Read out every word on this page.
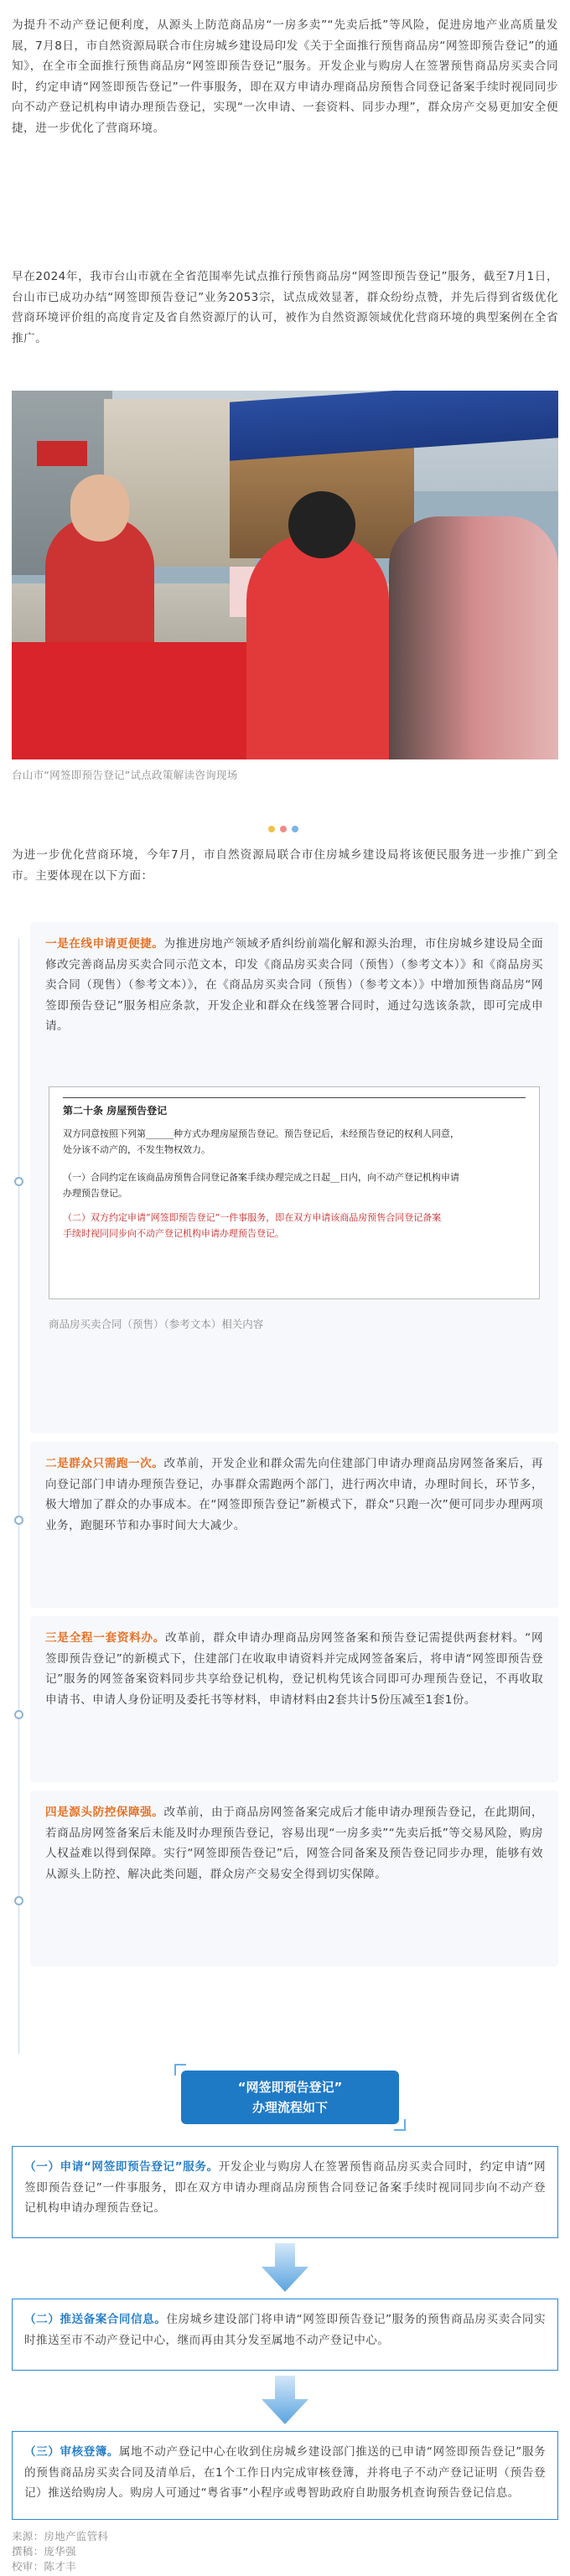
为提升不动产登记便利度，从源头上防范商品房“一房多卖”“先卖后抵”等风险，促进房地产业高质量发展，7月8日，市自然资源局联合市住房城乡建设局印发《关于全面推行预售商品房“网签即预告登记”的通知》，在全市全面推行预售商品房“网签即预告登记”服务。开发企业与购房人在签署预售商品房买卖合同时，约定申请“网签即预告登记”一件事服务，即在双方申请办理商品房预售合同登记备案手续时视同同步向不动产登记机构申请办理预告登记，实现“一次申请、一套资料、同步办理”，群众房产交易更加安全便捷，进一步优化了营商环境。

早在2024年，我市台山市就在全省范围率先试点推行预售商品房“网签即预告登记”服务，截至7月1日，台山市已成功办结“网签即预告登记”业务2053宗，试点成效显著，群众纷纷点赞，并先后得到省级优化营商环境评价组的高度肯定及省自然资源厅的认可，被作为自然资源领域优化营商环境的典型案例在全省推广。

台山市“网签即预告登记”试点政策解读咨询现场

为进一步优化营商环境，今年7月，市自然资源局联合市住房城乡建设局将该便民服务进一步推广到全市。主要体现在以下方面：

一是在线申请更便捷。为推进房地产领域矛盾纠纷前端化解和源头治理，市住房城乡建设局全面修改完善商品房买卖合同示范文本，印发《商品房买卖合同（预售）（参考文本）》和《商品房买卖合同（现售）（参考文本）》，在《商品房买卖合同（预售）（参考文本）》中增加预售商品房“网签即预告登记”服务相应条款，开发企业和群众在线签署合同时，通过勾选该条款，即可完成申请。

第二十条 房屋预告登记
双方同意按照下列第______种方式办理房屋预告登记。预告登记后，未经预告登记的权利人同意，
处分该不动产的，不发生物权效力。
（一）合同约定在该商品房预售合同登记备案手续办理完成之日起__日内，向不动产登记机构申请
办理预告登记。
（二）双方约定申请“网签即预告登记”一件事服务，即在双方申请该商品房预售合同登记备案
手续时视同同步向不动产登记机构申请办理预告登记。
商品房买卖合同（预售）（参考文本）相关内容

二是群众只需跑一次。改革前，开发企业和群众需先向住建部门申请办理商品房网签备案后，再向登记部门申请办理预告登记，办事群众需跑两个部门，进行两次申请，办理时间长，环节多，极大增加了群众的办事成本。在“网签即预告登记”新模式下，群众“只跑一次”便可同步办理两项业务，跑腿环节和办事时间大大减少。

三是全程一套资料办。改革前，群众申请办理商品房网签备案和预告登记需提供两套材料。“网签即预告登记”的新模式下，住建部门在收取申请资料并完成网签备案后，将申请“网签即预告登记”服务的网签备案资料同步共享给登记机构，登记机构凭该合同即可办理预告登记，不再收取申请书、申请人身份证明及委托书等材料，申请材料由2套共计5份压减至1套1份。

四是源头防控保障强。改革前，由于商品房网签备案完成后才能申请办理预告登记，在此期间，若商品房网签备案后未能及时办理预告登记，容易出现“一房多卖”“先卖后抵”等交易风险，购房人权益难以得到保障。实行“网签即预告登记”后，网签合同备案及预告登记同步办理，能够有效从源头上防控、解决此类问题，群众房产交易安全得到切实保障。

“网签即预告登记”
办理流程如下
（一）申请“网签即预告登记”服务。开发企业与购房人在签署预售商品房买卖合同时，约定申请“网签即预告登记”一件事服务，即在双方申请办理商品房预售合同登记备案手续时视同同步向不动产登记机构申请办理预告登记。
（二）推送备案合同信息。住房城乡建设部门将申请“网签即预告登记”服务的预售商品房买卖合同实时推送至市不动产登记中心，继而再由其分发至属地不动产登记中心。
（三）审核登簿。属地不动产登记中心在收到住房城乡建设部门推送的已申请“网签即预告登记”服务的预售商品房买卖合同及清单后，在1个工作日内完成审核登簿，并将电子不动产登记证明（预告登记）推送给购房人。购房人可通过“粤省事”小程序或粤智助政府自助服务机查询预告登记信息。
来源：房地产监管科
撰稿：庞华强
校审：陈才丰
